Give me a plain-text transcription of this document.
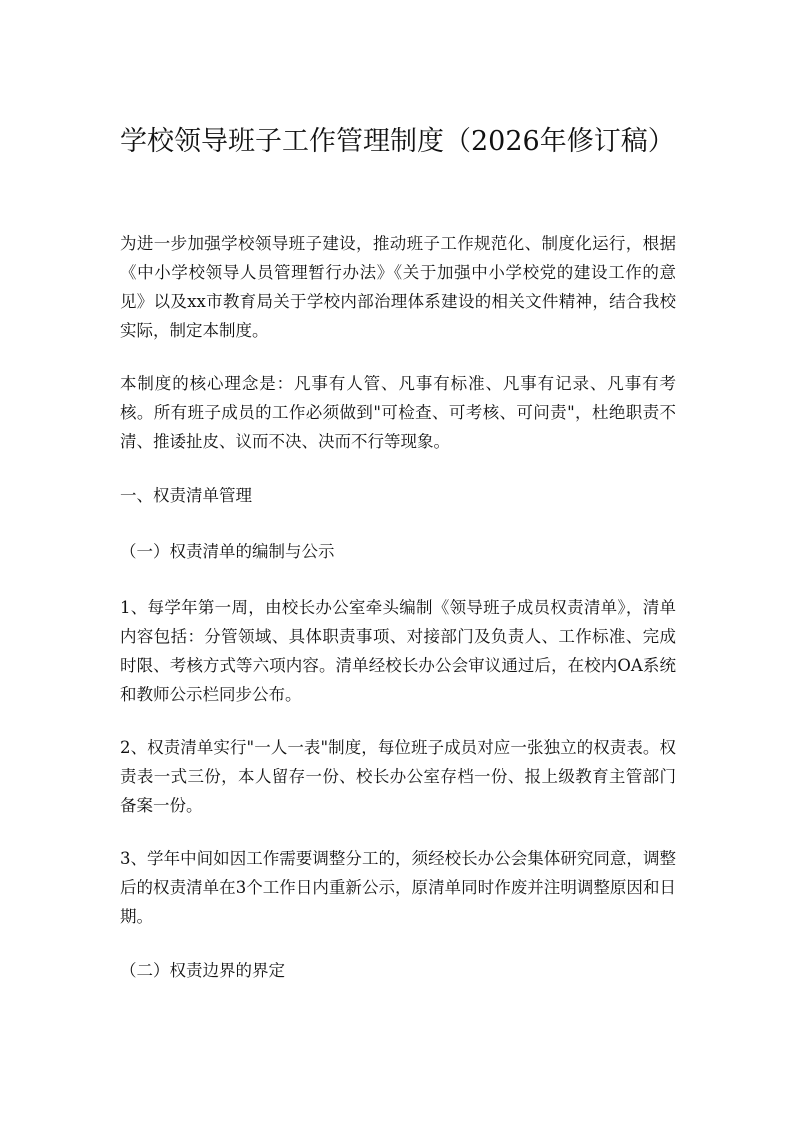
学校领导班子工作管理制度（2026年修订稿）

为进一步加强学校领导班子建设，推动班子工作规范化、制度化运行，根据《中小学校领导人员管理暂行办法》《关于加强中小学校党的建设工作的意见》以及xx市教育局关于学校内部治理体系建设的相关文件精神，结合我校实际，制定本制度。

本制度的核心理念是：凡事有人管、凡事有标准、凡事有记录、凡事有考核。所有班子成员的工作必须做到"可检查、可考核、可问责"，杜绝职责不清、推诿扯皮、议而不决、决而不行等现象。

一、权责清单管理

（一）权责清单的编制与公示

1、每学年第一周，由校长办公室牵头编制《领导班子成员权责清单》，清单内容包括：分管领域、具体职责事项、对接部门及负责人、工作标准、完成时限、考核方式等六项内容。清单经校长办公会审议通过后，在校内OA系统和教师公示栏同步公布。

2、权责清单实行"一人一表"制度，每位班子成员对应一张独立的权责表。权责表一式三份，本人留存一份、校长办公室存档一份、报上级教育主管部门备案一份。

3、学年中间如因工作需要调整分工的，须经校长办公会集体研究同意，调整后的权责清单在3个工作日内重新公示，原清单同时作废并注明调整原因和日期。

（二）权责边界的界定
